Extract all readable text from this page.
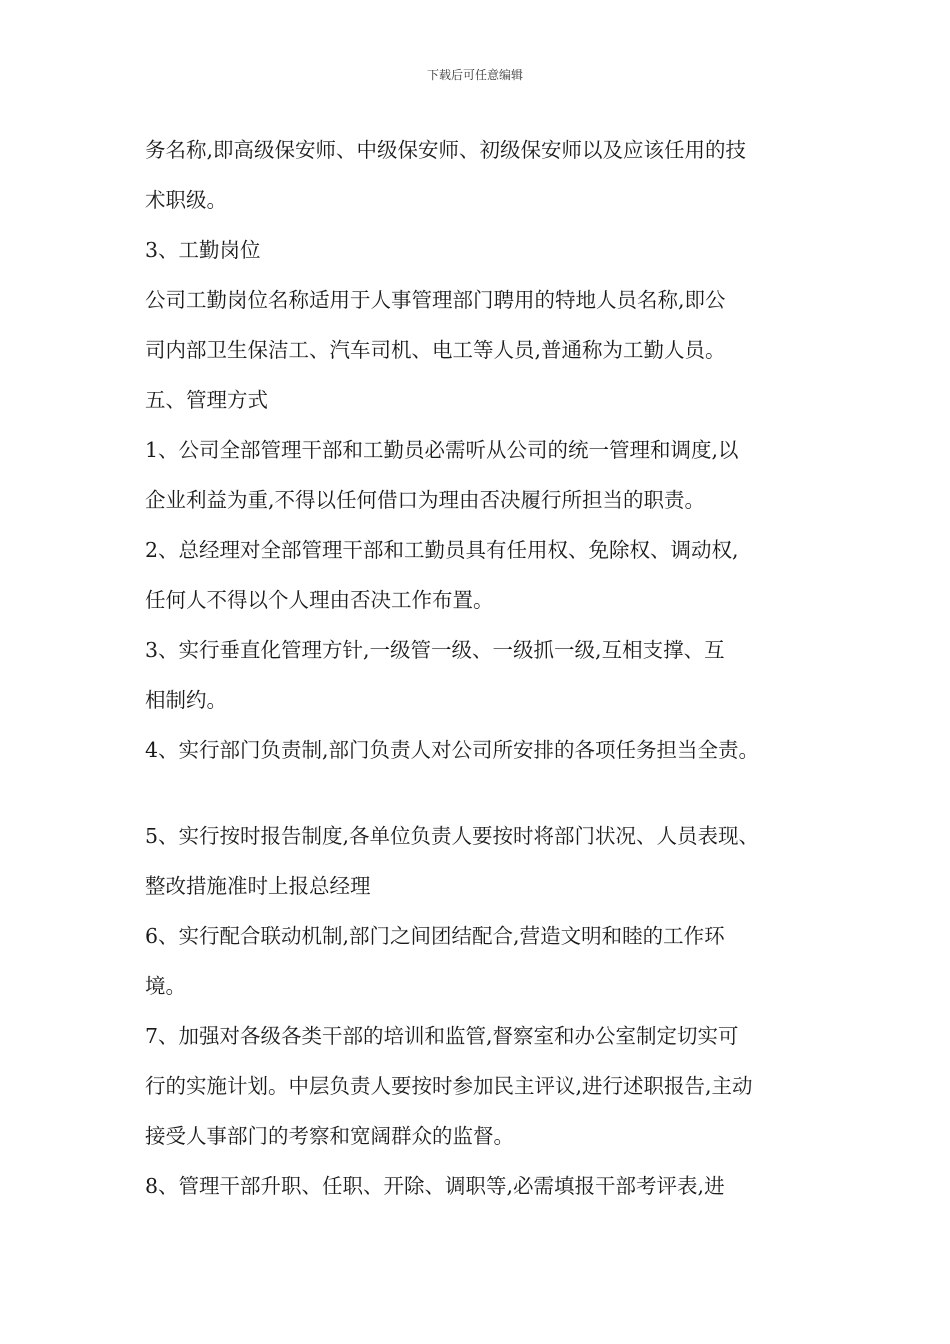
下载后可任意编辑
务名称,即高级保安师、中级保安师、初级保安师以及应该任用的技
术职级。
3、工勤岗位
公司工勤岗位名称适用于人事管理部门聘用的特地人员名称,即公
司内部卫生保洁工、汽车司机、电工等人员,普通称为工勤人员。
五、管理方式
1、公司全部管理干部和工勤员必需听从公司的统一管理和调度,以
企业利益为重,不得以任何借口为理由否决履行所担当的职责。
2、总经理对全部管理干部和工勤员具有任用权、免除权、调动权,
任何人不得以个人理由否决工作布置。
3、实行垂直化管理方针,一级管一级、一级抓一级,互相支撑、互
相制约。
4、实行部门负责制,部门负责人对公司所安排的各项任务担当全责。
5、实行按时报告制度,各单位负责人要按时将部门状况、人员表现、
整改措施准时上报总经理
6、实行配合联动机制,部门之间团结配合,营造文明和睦的工作环
境。
7、加强对各级各类干部的培训和监管,督察室和办公室制定切实可
行的实施计划。中层负责人要按时参加民主评议,进行述职报告,主动
接受人事部门的考察和宽阔群众的监督。
8、管理干部升职、任职、开除、调职等,必需填报干部考评表,进
